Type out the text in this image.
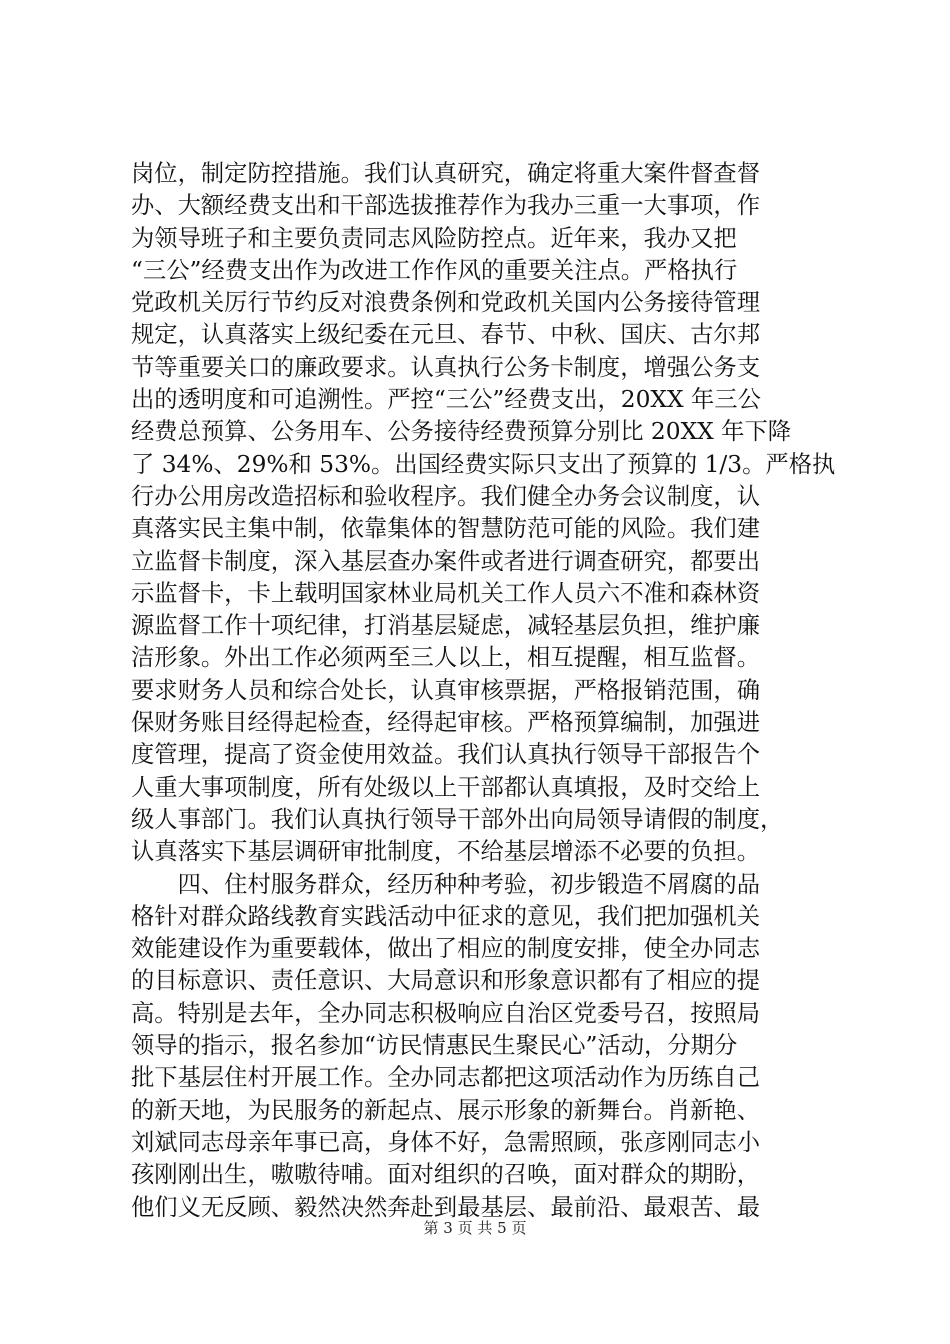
岗位，制定防控措施。我们认真研究，确定将重大案件督查督
办、大额经费支出和干部选拔推荐作为我办三重一大事项，作
为领导班子和主要负责同志风险防控点。近年来，我办又把
“三公”经费支出作为改进工作作风的重要关注点。严格执行
党政机关厉行节约反对浪费条例和党政机关国内公务接待管理
规定，认真落实上级纪委在元旦、春节、中秋、国庆、古尔邦
节等重要关口的廉政要求。认真执行公务卡制度，增强公务支
出的透明度和可追溯性。严控“三公”经费支出，20XX 年三公
经费总预算、公务用车、公务接待经费预算分别比 20XX 年下降
了 34%、29%和 53%。出国经费实际只支出了预算的 1/3。严格执
行办公用房改造招标和验收程序。我们健全办务会议制度，认
真落实民主集中制，依靠集体的智慧防范可能的风险。我们建
立监督卡制度，深入基层查办案件或者进行调查研究，都要出
示监督卡，卡上载明国家林业局机关工作人员六不准和森林资
源监督工作十项纪律，打消基层疑虑，减轻基层负担，维护廉
洁形象。外出工作必须两至三人以上，相互提醒，相互监督。
要求财务人员和综合处长，认真审核票据，严格报销范围，确
保财务账目经得起检查，经得起审核。严格预算编制，加强进
度管理，提高了资金使用效益。我们认真执行领导干部报告个
人重大事项制度，所有处级以上干部都认真填报，及时交给上
级人事部门。我们认真执行领导干部外出向局领导请假的制度，
认真落实下基层调研审批制度，不给基层增添不必要的负担。
　　四、住村服务群众，经历种种考验，初步锻造不屑腐的品
格针对群众路线教育实践活动中征求的意见，我们把加强机关
效能建设作为重要载体，做出了相应的制度安排，使全办同志
的目标意识、责任意识、大局意识和形象意识都有了相应的提
高。特别是去年，全办同志积极响应自治区党委号召，按照局
领导的指示，报名参加“访民情惠民生聚民心”活动，分期分
批下基层住村开展工作。全办同志都把这项活动作为历练自己
的新天地，为民服务的新起点、展示形象的新舞台。肖新艳、
刘斌同志母亲年事已高，身体不好，急需照顾，张彦刚同志小
孩刚刚出生，嗷嗷待哺。面对组织的召唤，面对群众的期盼，
他们义无反顾、毅然决然奔赴到最基层、最前沿、最艰苦、最
第 3 页 共 5 页
